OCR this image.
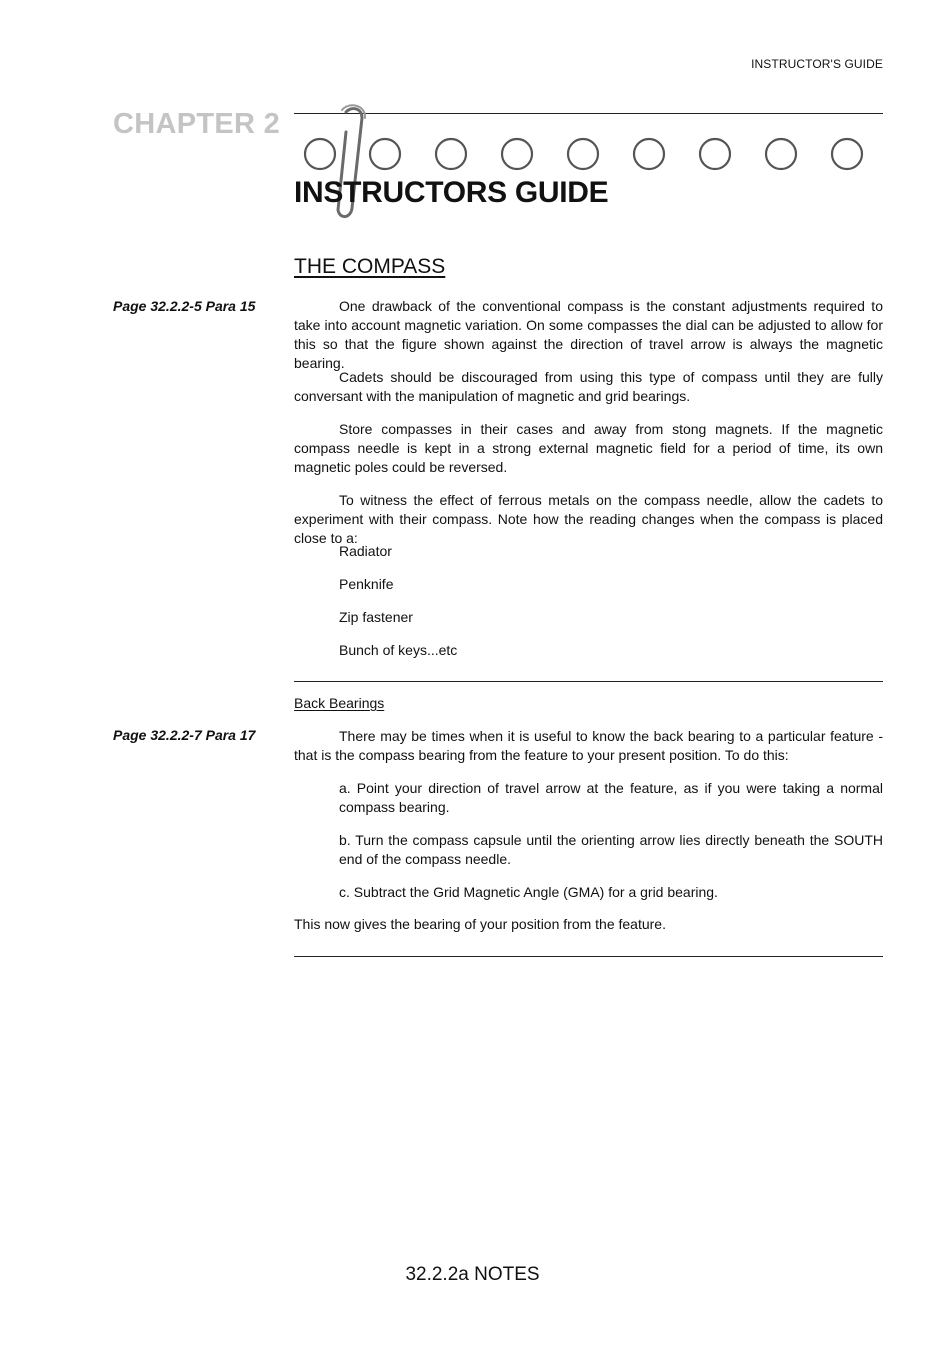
INSTRUCTOR'S GUIDE
CHAPTER 2
INSTRUCTORS GUIDE
THE COMPASS
Page 32.2.2-5 Para 15	One drawback of the conventional compass is the constant adjustments required to take into account magnetic variation. On some compasses the dial can be adjusted to allow for this so that the figure shown against the direction of travel arrow is always the magnetic bearing.

Cadets should be discouraged from using this type of compass until they are fully conversant with the manipulation of magnetic and grid bearings.

Store compasses in their cases and away from stong magnets. If the magnetic compass needle is kept in a strong external magnetic field for a period of time, its own magnetic poles could be reversed.

To witness the effect of ferrous metals on the compass needle, allow the cadets to experiment with their compass. Note how the reading changes when the compass is placed close to a:

Radiator
Penknife
Zip fastener
Bunch of keys...etc
Back Bearings
Page 32.2.2-7 Para 17	There may be times when it is useful to know the back bearing to a particular feature - that is the compass bearing from the feature to your present position. To do this:

a. Point your direction of travel arrow at the feature, as if you were taking a normal compass bearing.

b. Turn the compass capsule until the orienting arrow lies directly beneath the SOUTH end of the compass needle.

c. Subtract the Grid Magnetic Angle (GMA) for a grid bearing.

This now gives the bearing of your position from the feature.
32.2.2a NOTES
